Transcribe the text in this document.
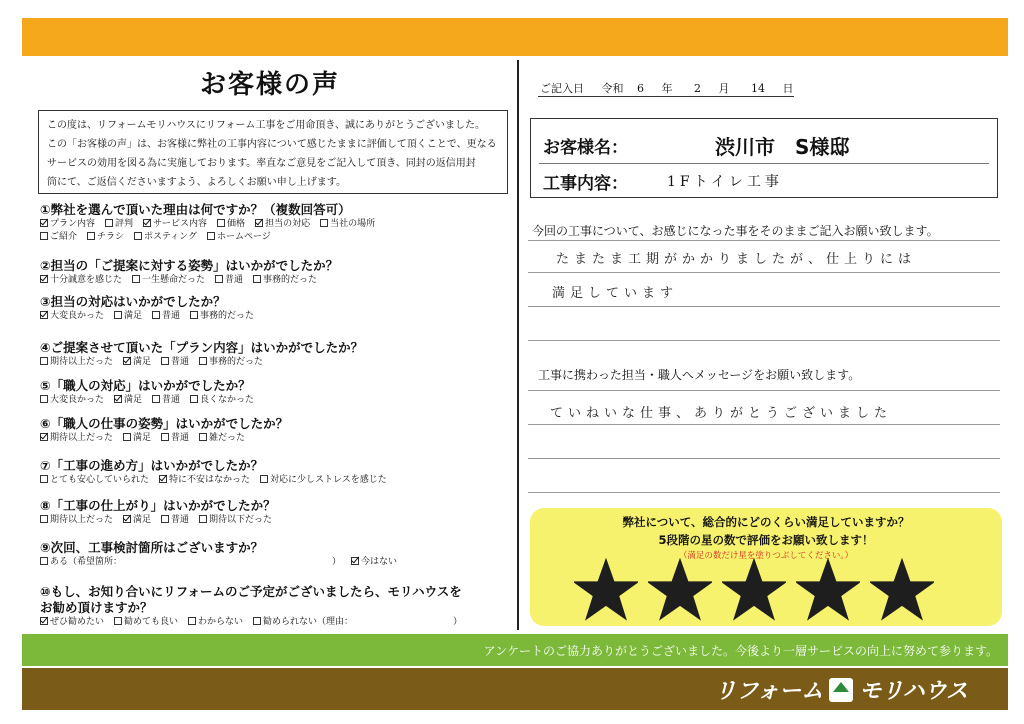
お客様の声
この度は、リフォームモリハウスにリフォーム工事をご用命頂き、誠にありがとうございました。
この「お客様の声」は、お客様に弊社の工事内容について感じたままに評価して頂くことで、更なる
サービスの効用を図る為に実施しております。率直なご意見をご記入して頂き、同封の返信用封
筒にて、ご返信くださいますよう、よろしくお願い申し上げます。
①弊社を選んで頂いた理由は何ですか？（複数回答可）
プラン内容 評判 サービス内容 価格 担当の対応 当社の場所
ご紹介 チラシ ポスティング ホームページ
②担当の「ご提案に対する姿勢」はいかがでしたか？
十分誠意を感じた 一生懸命だった 普通 事務的だった
③担当の対応はいかがでしたか？
大変良かった 満足 普通 事務的だった
④ご提案させて頂いた「プラン内容」はいかがでしたか？
期待以上だった 満足 普通 事務的だった
⑤「職人の対応」はいかがでしたか？
大変良かった 満足 普通 良くなかった
⑥「職人の仕事の姿勢」はいかがでしたか？
期待以上だった 満足 普通 雑だった
⑦「工事の進め方」はいかがでしたか？
とても安心していられた 特に不安はなかった 対応に少しストレスを感じた
⑧「工事の仕上がり」はいかがでしたか？
期待以上だった 満足 普通 期待以下だった
⑨次回、工事検討箇所はございますか？
ある（希望箇所：	） 今はない
⑩もし、お知り合いにリフォームのご予定がございましたら、モリハウスを
お勧め頂けますか？
ぜひ勧めたい 勧めても良い わからない 勧められない（理由：	）
ご記入日 令和 6 年 2 月 14 日
お客様名：	渋川市　S様邸
工事内容：	1Fトイレ工事
今回の工事について、お感じになった事をそのままご記入お願い致します。
たまたま工期がかかりましたが、仕上りには
満足しています
工事に携わった担当・職人へメッセージをお願い致します。
ていねいな仕事、ありがとうございました
弊社について、総合的にどのくらい満足していますか？
5段階の星の数で評価をお願い致します！
（満足の数だけ星を塗りつぶしてください。）
アンケートのご協力ありがとうございました。今後より一層サービスの向上に努めて参ります。
リフォーム モリハウス
